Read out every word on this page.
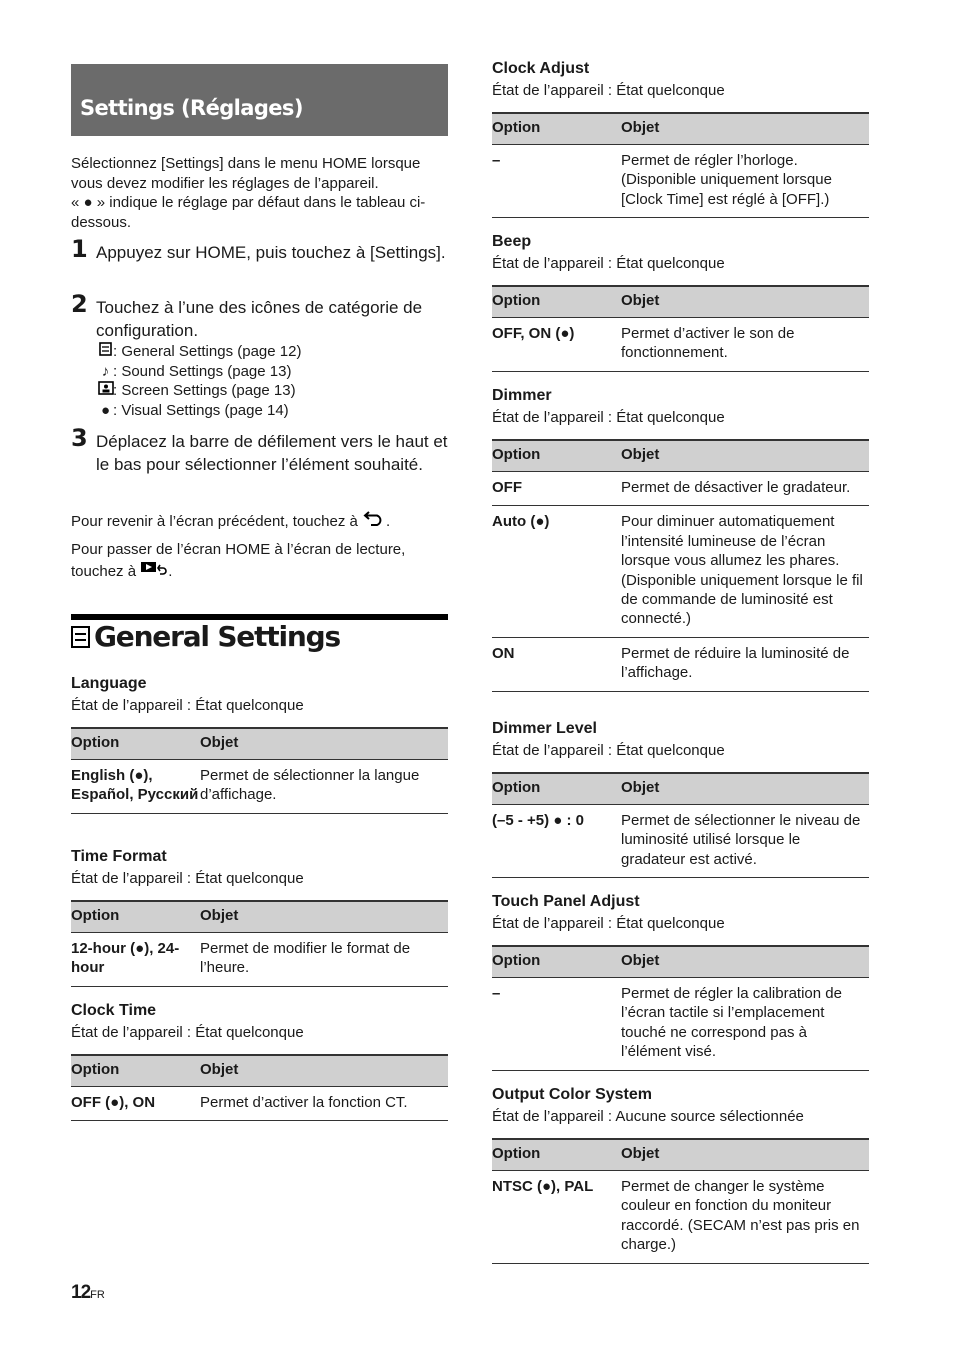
Settings (Réglages)
Sélectionnez [Settings] dans le menu HOME lorsque vous devez modifier les réglages de l’appareil.
« ● » indique le réglage par défaut dans le tableau ci-dessous.
1 Appuyez sur HOME, puis touchez à [Settings].
2 Touchez à l’une des icônes de catégorie de configuration.
: General Settings (page 12)
♪ : Sound Settings (page 13)
: Screen Settings (page 13)
● : Visual Settings (page 14)
3 Déplacez la barre de défilement vers le haut et le bas pour sélectionner l’élément souhaité.
Pour revenir à l’écran précédent, touchez à .
Pour passer de l’écran HOME à l’écran de lecture, touchez à .
General Settings
Language
État de l’appareil : État quelconque
Option	Objet
English (●), Español, Русский	Permet de sélectionner la langue d’affichage.
Time Format
État de l’appareil : État quelconque
Option	Objet
12-hour (●), 24-hour	Permet de modifier le format de l’heure.
Clock Time
État de l’appareil : État quelconque
Option	Objet
OFF (●), ON	Permet d’activer la fonction CT.
Clock Adjust
État de l’appareil : État quelconque
Option	Objet
–	Permet de régler l’horloge. (Disponible uniquement lorsque [Clock Time] est réglé à [OFF].)
Beep
État de l’appareil : État quelconque
Option	Objet
OFF, ON (●)	Permet d’activer le son de fonctionnement.
Dimmer
État de l’appareil : État quelconque
Option	Objet
OFF	Permet de désactiver le gradateur.
Auto (●)	Pour diminuer automatiquement l’intensité lumineuse de l’écran lorsque vous allumez les phares. (Disponible uniquement lorsque le fil de commande de luminosité est connecté.)
ON	Permet de réduire la luminosité de l’affichage.
Dimmer Level
État de l’appareil : État quelconque
Option	Objet
(–5 - +5) ● : 0	Permet de sélectionner le niveau de luminosité utilisé lorsque le gradateur est activé.
Touch Panel Adjust
État de l’appareil : État quelconque
Option	Objet
–	Permet de régler la calibration de l’écran tactile si l’emplacement touché ne correspond pas à l’élément visé.
Output Color System
État de l’appareil : Aucune source sélectionnée
Option	Objet
NTSC (●), PAL	Permet de changer le système couleur en fonction du moniteur raccordé. (SECAM n’est pas pris en charge.)
12FR
